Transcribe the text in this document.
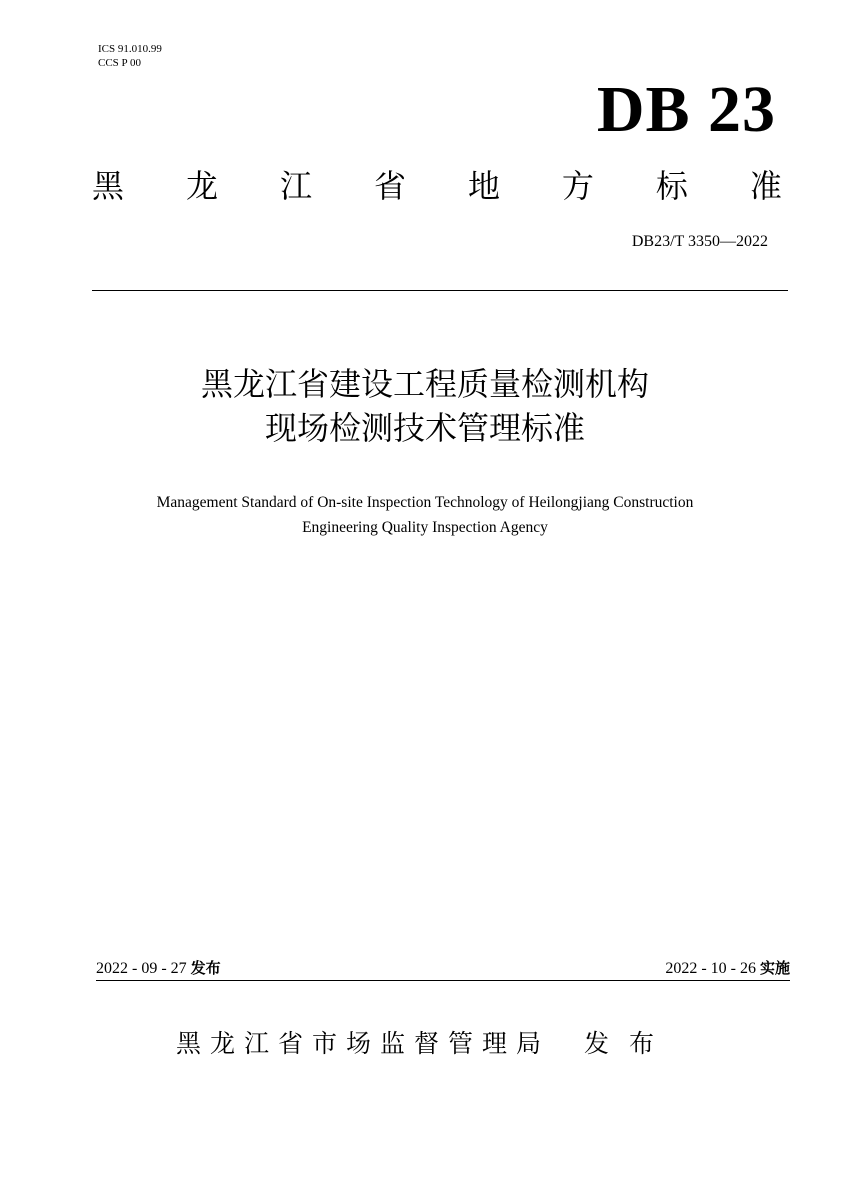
ICS 91.010.99
CCS P 00
DB 23
黑 龙 江 省 地 方 标 准
DB23/T 3350—2022
黑龙江省建设工程质量检测机构
现场检测技术管理标准
Management Standard of On-site Inspection Technology of Heilongjiang Construction
Engineering Quality Inspection Agency
2022 - 09 - 27 发布	2022 - 10 - 26 实施
黑龙江省市场监督管理局 发布
